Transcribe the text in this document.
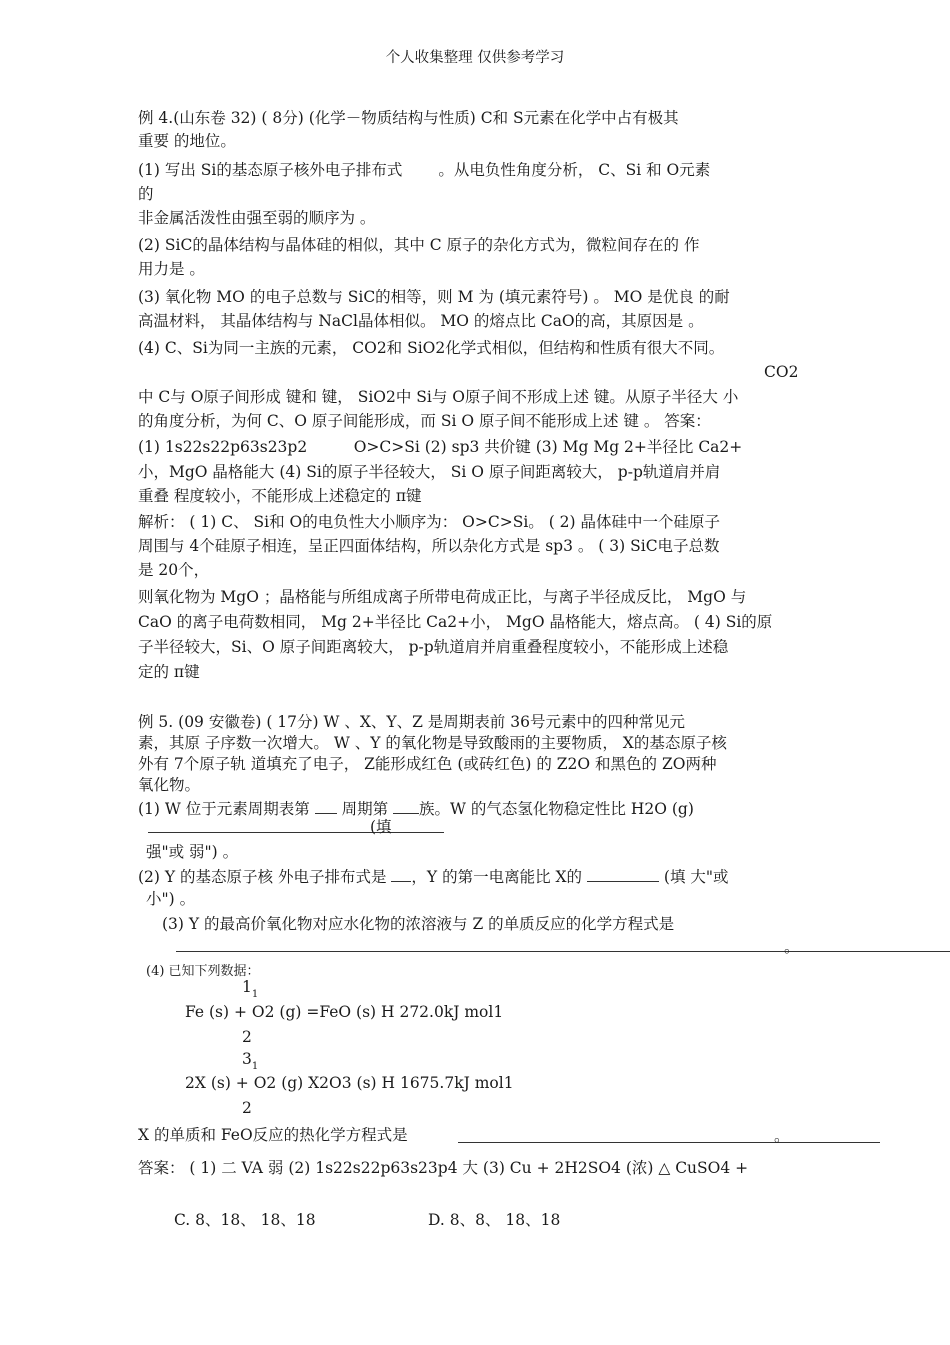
个人收集整理 仅供参考学习
例 4.(山东卷 32) ( 8分) (化学－物质结构与性质) C和 S元素在化学中占有极其
重要 的地位。
(1) 写出 Si的基态原子核外电子排布式　　 。从电负性角度分析， C、Si 和 O元素
的
非金属活泼性由强至弱的顺序为 。
(2) SiC的晶体结构与晶体硅的相似，其中 C 原子的杂化方式为，微粒间存在的 作
用力是 。
(3) 氧化物 MO 的电子总数与 SiC的相等，则 M 为 (填元素符号) 。 MO 是优良 的耐
高温材料， 其晶体结构与 NaCl晶体相似。 MO 的熔点比 CaO的高，其原因是 。
(4) C、Si为同一主族的元素， CO2和 SiO2化学式相似，但结构和性质有很大不同。
CO2
中 C与 O原子间形成 键和 键， SiO2中 Si与 O原子间不形成上述 键。从原子半径大 小
的角度分析，为何 C、O 原子间能形成，而 Si O 原子间不能形成上述 键 。 答案：
(1) 1s22s22p63s23p2　　　O>C>Si (2) sp3 共价键 (3) Mg Mg 2+半径比 Ca2+
小，MgO 晶格能大 (4) Si的原子半径较大， Si O 原子间距离较大， p-p轨道肩并肩
重叠 程度较小，不能形成上述稳定的 π键
解析： ( 1) C、 Si和 O的电负性大小顺序为： O>C>Si。 ( 2) 晶体硅中一个硅原子
周围与 4个硅原子相连，呈正四面体结构，所以杂化方式是 sp3 。 ( 3) SiC电子总数
是 20个，
则氧化物为 MgO ；晶格能与所组成离子所带电荷成正比，与离子半径成反比， MgO 与
CaO 的离子电荷数相同， Mg 2+半径比 Ca2+小， MgO 晶格能大，熔点高。 ( 4) Si的原
子半径较大，Si、O 原子间距离较大， p-p轨道肩并肩重叠程度较小，不能形成上述稳
定的 π键
例 5. (09 安徽卷) ( 17分) W 、X、Y、Z 是周期表前 36号元素中的四种常见元
素，其原 子序数一次增大。 W 、Y 的氧化物是导致酸雨的主要物质， X的基态原子核
外有 7个原子轨 道填充了电子， Z能形成红色 (或砖红色) 的 Z2O 和黑色的 ZO两种
氧化物。
(1) W 位于元素周期表第  周期第 族。W 的气态氢化物稳定性比 H2O (g)
(填
强"或 弱") 。
(2) Y 的基态原子核 外电子排布式是 ，Y 的第一电离能比 X的	(填 大"或
小") 。
(3) Y 的最高价氧化物对应水化物的浓溶液与 Z 的单质反应的化学方程式是
。
(4) 已知下列数据：
$1_1$
Fe (s) + O2 (g) =FeO (s) H 272.0kJ mol1
2
$3_1$
2X (s) + O2 (g) X2O3 (s) H 1675.7kJ mol1
2
X 的单质和 FeO反应的热化学方程式是	。
答案： ( 1) 二 VA 弱 (2) 1s22s22p63s23p4 大 (3) Cu + 2H2SO4 (浓) △ CuSO4 +
C. 8、18、 18、18	D. 8、8、 18、18
